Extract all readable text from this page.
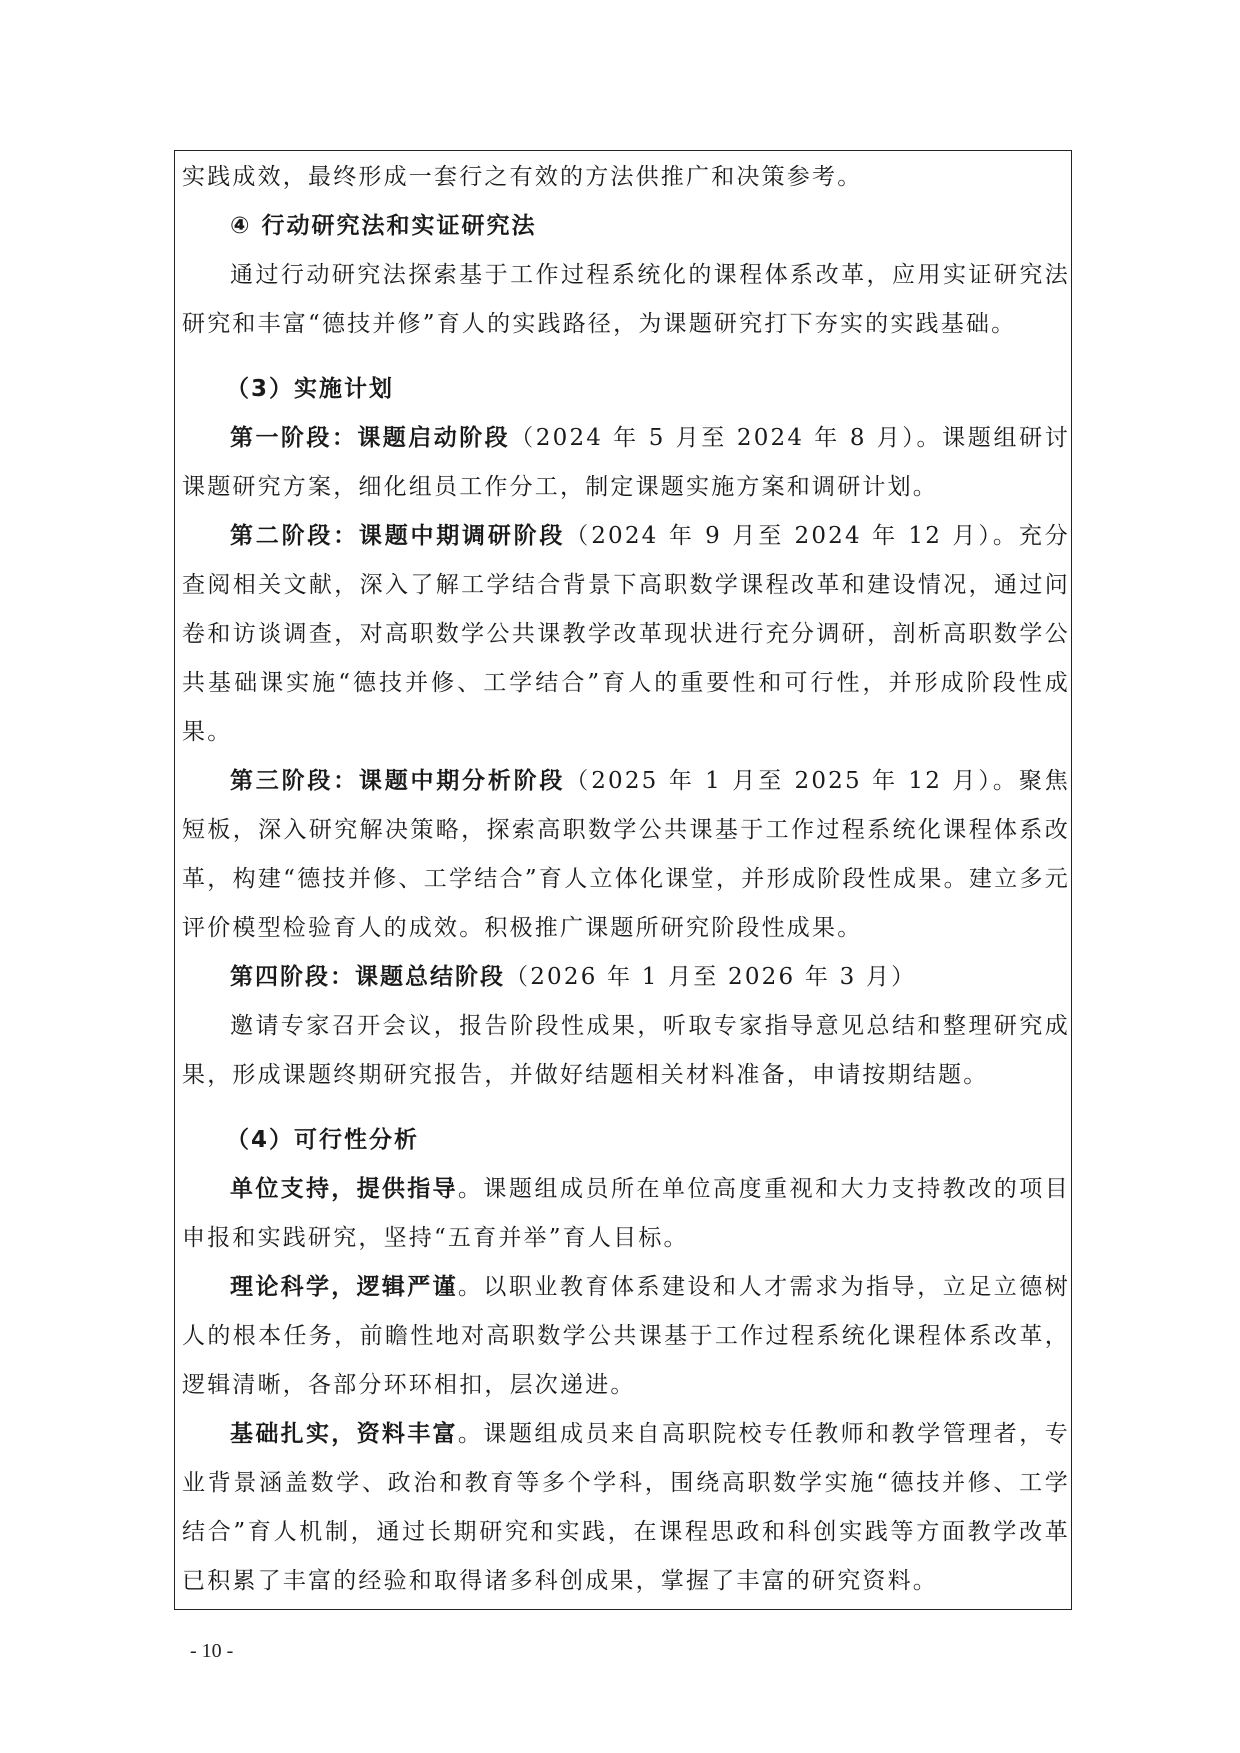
实践成效，最终形成一套行之有效的方法供推广和决策参考。

④ 行动研究法和实证研究法

通过行动研究法探索基于工作过程系统化的课程体系改革，应用实证研究法研究和丰富“德技并修”育人的实践路径，为课题研究打下夯实的实践基础。

（3）实施计划

第一阶段：课题启动阶段（2024 年 5 月至 2024 年 8 月）。课题组研讨课题研究方案，细化组员工作分工，制定课题实施方案和调研计划。

第二阶段：课题中期调研阶段（2024 年 9 月至 2024 年 12 月）。充分查阅相关文献，深入了解工学结合背景下高职数学课程改革和建设情况，通过问卷和访谈调查，对高职数学公共课教学改革现状进行充分调研，剖析高职数学公共基础课实施“德技并修、工学结合”育人的重要性和可行性，并形成阶段性成果。

第三阶段：课题中期分析阶段（2025 年 1 月至 2025 年 12 月）。聚焦短板，深入研究解决策略，探索高职数学公共课基于工作过程系统化课程体系改革，构建“德技并修、工学结合”育人立体化课堂，并形成阶段性成果。建立多元评价模型检验育人的成效。积极推广课题所研究阶段性成果。

第四阶段：课题总结阶段（2026 年 1 月至 2026 年 3 月）

邀请专家召开会议，报告阶段性成果，听取专家指导意见总结和整理研究成果，形成课题终期研究报告，并做好结题相关材料准备，申请按期结题。

（4）可行性分析

单位支持，提供指导。课题组成员所在单位高度重视和大力支持教改的项目申报和实践研究，坚持“五育并举”育人目标。

理论科学，逻辑严谨。以职业教育体系建设和人才需求为指导，立足立德树人的根本任务，前瞻性地对高职数学公共课基于工作过程系统化课程体系改革，逻辑清晰，各部分环环相扣，层次递进。

基础扎实，资料丰富。课题组成员来自高职院校专任教师和教学管理者，专业背景涵盖数学、政治和教育等多个学科，围绕高职数学实施“德技并修、工学结合”育人机制，通过长期研究和实践，在课程思政和科创实践等方面教学改革已积累了丰富的经验和取得诸多科创成果，掌握了丰富的研究资料。

- 10 -
